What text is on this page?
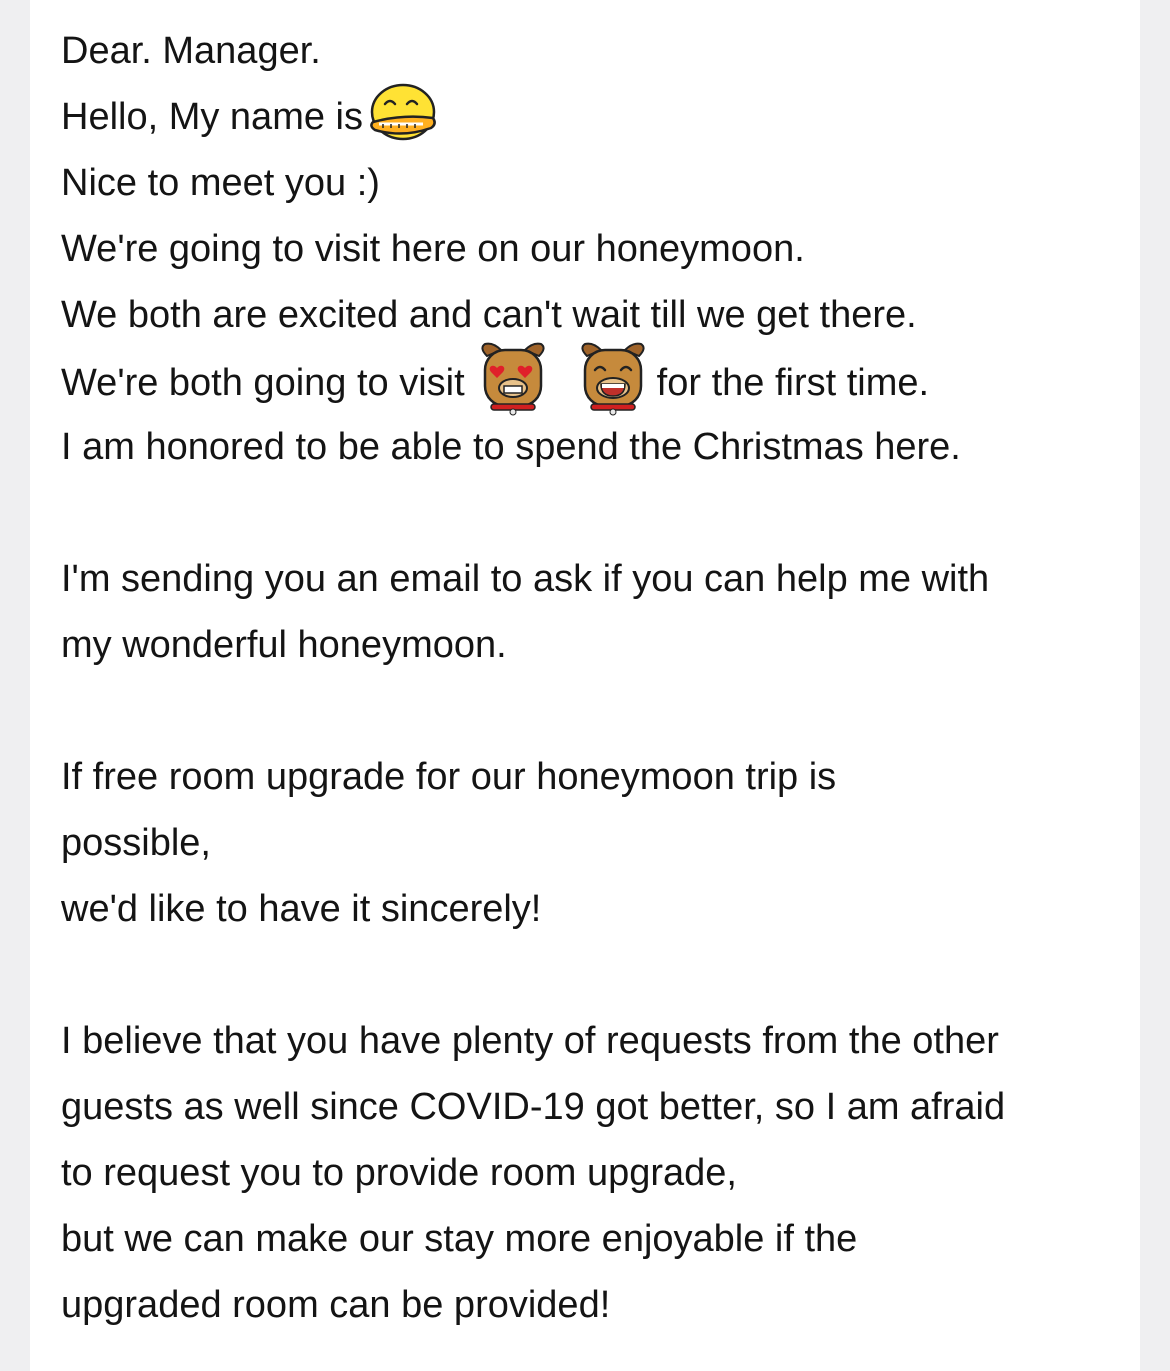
Dear. Manager.
Hello, My name is
Nice to meet you :)
We're going to visit here on our honeymoon.
We both are excited and can't wait till we get there.
We're both going to visit	for the first time.
I am honored to be able to spend the Christmas here.
I'm sending you an email to ask if you can help me with
my wonderful honeymoon.
If free room upgrade for our honeymoon trip is
possible,
we'd like to have it sincerely!
I believe that you have plenty of requests from the other
guests as well since COVID-19 got better, so I am afraid
to request you to provide room upgrade,
but we can make our stay more enjoyable if the
upgraded room can be provided!
